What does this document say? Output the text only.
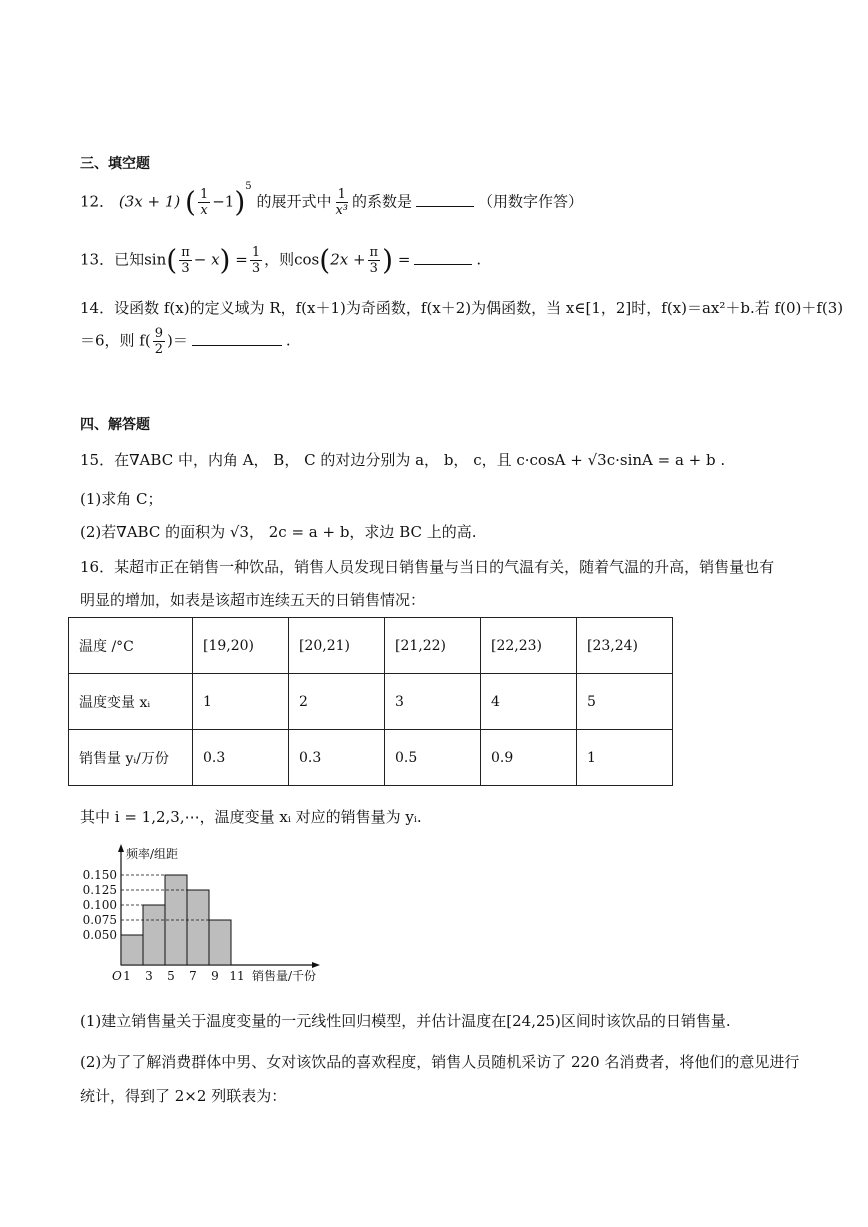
三、填空题
12． (3x + 1) ( $\frac{1}{x} -1)^5$ 的展开式中 $\frac{1}{\text{x³}}$ 的系数是	（用数字作答）
13．已知$\sin( \frac{\pi}{3} - x) = \frac{1}{3}$ ，则$\cos(2x + \frac{\pi}{3}$ ) =	.
14．设函数 f(x)的定义域为 R，f(x＋1)为奇函数，f(x＋2)为偶函数，当 x∈[1，2]时，f(x)＝ax²＋b.若 f(0)＋f(3)
＝6，则 $f( \frac{9}{2}$ )＝	.
四、解答题
15．在∇ABC 中，内角 A， B， C 的对边分别为 a， b， c，且 c·cosA + √3c·sinA = a + b .
(1)求角 C；
(2)若∇ABC 的面积为 √3， 2c = a + b，求边 BC 上的高.
16．某超市正在销售一种饮品，销售人员发现日销售量与当日的气温有关，随着气温的升高，销售量也有
明显的增加，如表是该超市连续五天的日销售情况：
温度 /°C	[19,20)	[20,21)	[21,22)	[22,23)	[23,24)
温度变量 xᵢ	1	2	3	4	5
销售量 yᵢ/万份	0.3	0.3	0.5	0.9	1
其中 i = 1,2,3,⋯，温度变量 xᵢ 对应的销售量为 yᵢ.
0.150
0.125
0.100
0.075
0.050
1 3 5 7 9 11
O
频率/组距
销售量/千份
(1)建立销售量关于温度变量的一元线性回归模型，并估计温度在[24,25)区间时该饮品的日销售量.
(2)为了了解消费群体中男、女对该饮品的喜欢程度，销售人员随机采访了 220 名消费者，将他们的意见进行
统计，得到了 2×2 列联表为：
